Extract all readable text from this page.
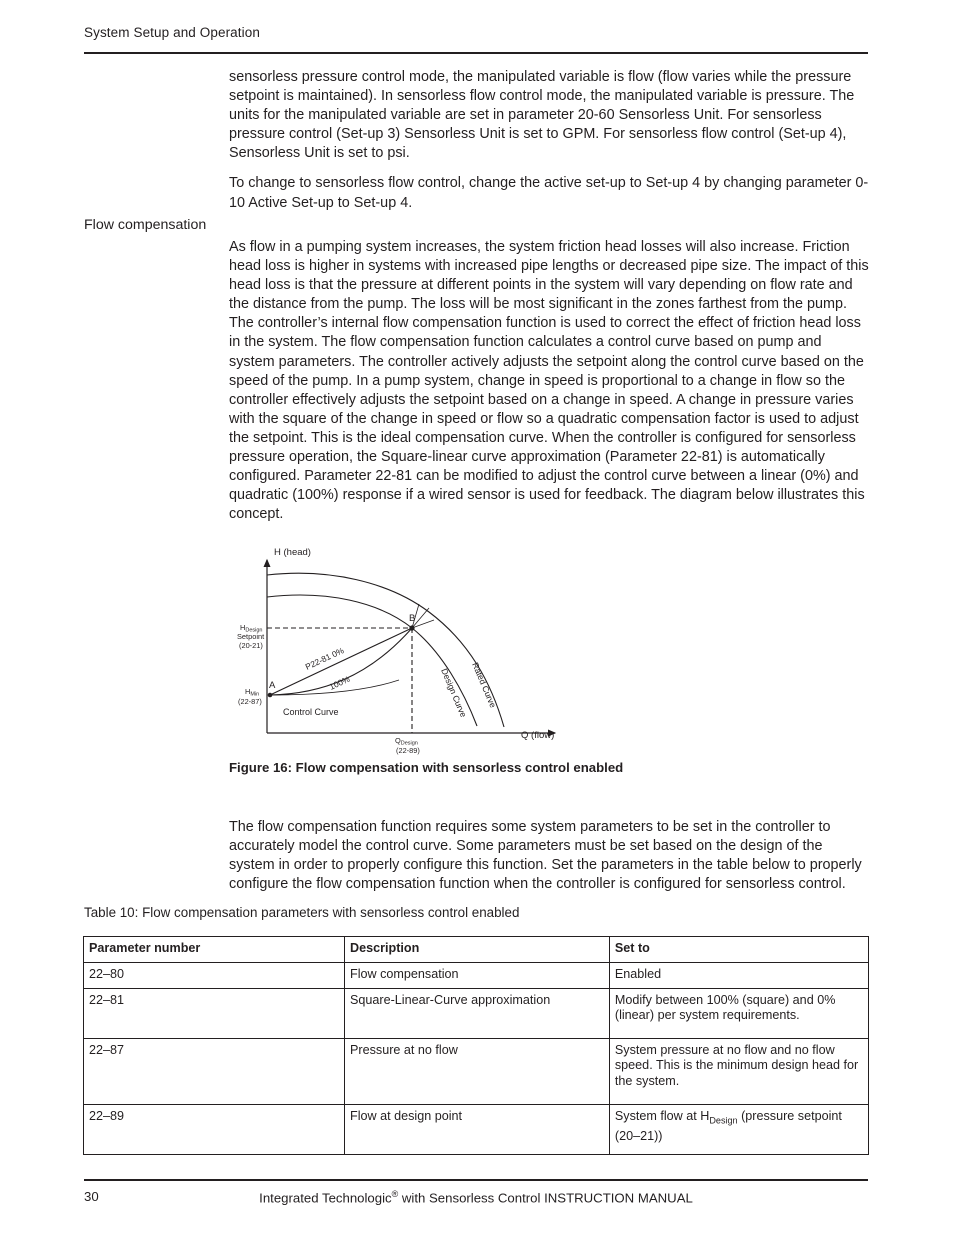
System Setup and Operation

sensorless pressure control mode, the manipulated variable is flow (flow varies while the pressure setpoint is maintained). In sensorless flow control mode, the manipulated variable is pressure. The units for the manipulated variable are set in parameter 20-60 Sensorless Unit. For sensorless pressure control (Set-up 3) Sensorless Unit is set to GPM. For sensorless flow control (Set-up 4), Sensorless Unit is set to psi.

To change to sensorless flow control, change the active set-up to Set-up 4 by changing parameter 0-10 Active Set-up to Set-up 4.

Flow compensation

As flow in a pumping system increases, the system friction head losses will also increase. Friction head loss is higher in systems with increased pipe lengths or decreased pipe size. The impact of this head loss is that the pressure at different points in the system will vary depending on flow rate and the distance from the pump. The loss will be most significant in the zones farthest from the pump. The controller’s internal flow compensation function is used to correct the effect of friction head loss in the system. The flow compensation function calculates a control curve based on pump and system parameters. The controller actively adjusts the setpoint along the control curve based on the speed of the pump. In a pump system, change in speed is proportional to a change in flow so the controller effectively adjusts the setpoint based on a change in speed. A change in pressure varies with the square of the change in speed or flow so a quadratic compensation factor is used to adjust the setpoint. This is the ideal compensation curve. When the controller is configured for sensorless pressure operation, the Square-linear curve approximation (Parameter 22-81) is automatically configured. Parameter 22-81 can be modified to adjust the control curve between a linear (0%) and quadratic (100%) response if a wired sensor is used for feedback. The diagram below illustrates this concept.

H (head)
Q (flow)
HDesign
Setpoint
(20-21)
HMin
(22-87)
QDesign
(22-89)
A
B
Control Curve
P22-81 0%
100%	Design Curve Rated Curve
Figure 16: Flow compensation with sensorless control enabled

The flow compensation function requires some system parameters to be set in the controller to accurately model the control curve. Some parameters must be set based on the design of the system in order to properly configure this function. Set the parameters in the table below to properly configure the flow compensation function when the controller is configured for sensorless control.

Table 10: Flow compensation parameters with sensorless control enabled
Parameter number	Description	Set to
22–80	Flow compensation	Enabled
22–81	Square-Linear-Curve approximation	Modify between 100% (square) and 0% (linear) per system requirements.
22–87	Pressure at no flow	System pressure at no flow and no flow speed. This is the minimum design head for the system.
22–89	Flow at design point	System flow at $H_{Design}$ (pressure setpoint (20–21))
30	Integrated Technologic® with Sensorless Control INSTRUCTION MANUAL
